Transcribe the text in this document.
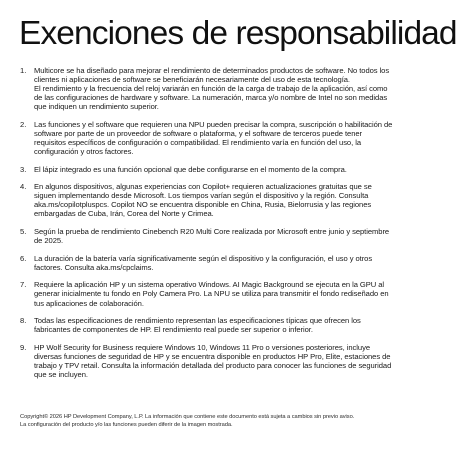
Exenciones de responsabilidad
1.	Multicore se ha diseñado para mejorar el rendimiento de determinados productos de software. No todos los
clientes ni aplicaciones de software se beneficiarán necesariamente del uso de esta tecnología.
El rendimiento y la frecuencia del reloj variarán en función de la carga de trabajo de la aplicación, así como
de las configuraciones de hardware y software. La numeración, marca y/o nombre de Intel no son medidas
que indiquen un rendimiento superior.
2.	Las funciones y el software que requieren una NPU pueden precisar la compra, suscripción o habilitación de
software por parte de un proveedor de software o plataforma, y el software de terceros puede tener
requisitos específicos de configuración o compatibilidad. El rendimiento varía en función del uso, la
configuración y otros factores.
3.	El lápiz integrado es una función opcional que debe configurarse en el momento de la compra.
4.	En algunos dispositivos, algunas experiencias con Copilot+ requieren actualizaciones gratuitas que se
siguen implementando desde Microsoft. Los tiempos varían según el dispositivo y la región. Consulta
aka.ms/copilotpluspcs. Copilot NO se encuentra disponible en China, Rusia, Bielorrusia y las regiones
embargadas de Cuba, Irán, Corea del Norte y Crimea.
5.	Según la prueba de rendimiento Cinebench R20 Multi Core realizada por Microsoft entre junio y septiembre
de 2025.
6.	La duración de la batería varía significativamente según el dispositivo y la configuración, el uso y otros
factores. Consulta aka.ms/cpclaims.
7.	Requiere la aplicación HP y un sistema operativo Windows. AI Magic Background se ejecuta en la GPU al
generar inicialmente tu fondo en Poly Camera Pro. La NPU se utiliza para transmitir el fondo rediseñado en
tus aplicaciones de colaboración.
8.	Todas las especificaciones de rendimiento representan las especificaciones típicas que ofrecen los
fabricantes de componentes de HP. El rendimiento real puede ser superior o inferior.
9.	HP Wolf Security for Business requiere Windows 10, Windows 11 Pro o versiones posteriores, incluye
diversas funciones de seguridad de HP y se encuentra disponible en productos HP Pro, Elite, estaciones de
trabajo y TPV retail. Consulta la información detallada del producto para conocer las funciones de seguridad
que se incluyen.
Copyright© 2026 HP Development Company, L.P. La información que contiene este documento está sujeta a cambios sin previo aviso.
La configuración del producto y/o las funciones pueden diferir de la imagen mostrada.
